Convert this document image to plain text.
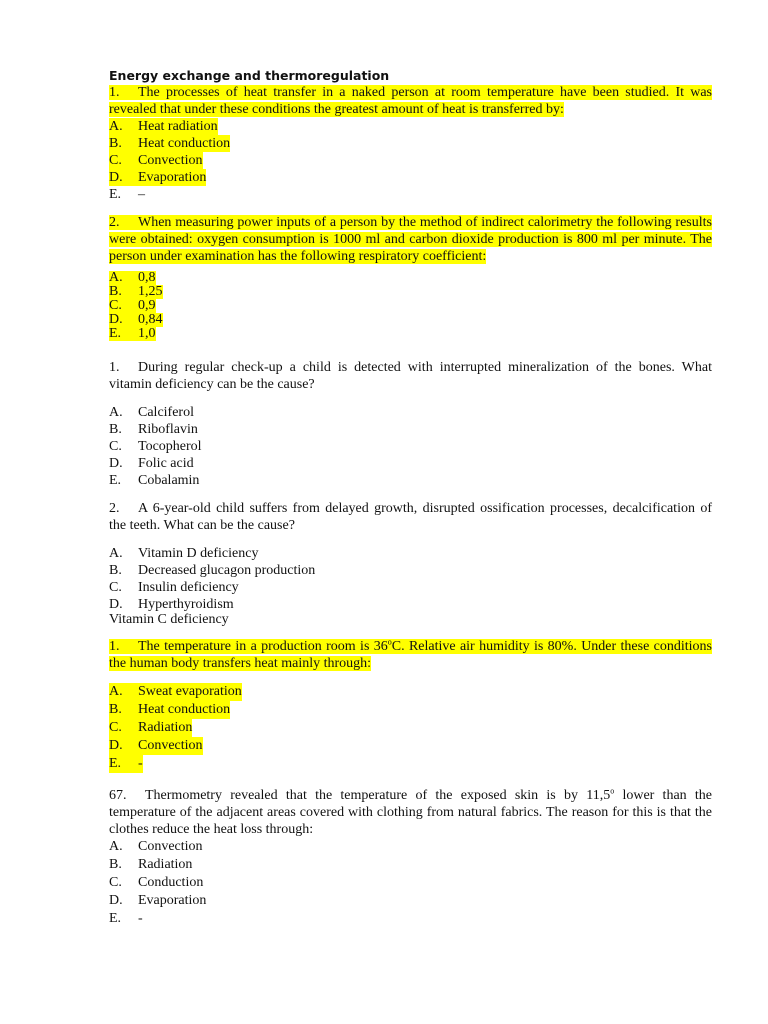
Energy exchange and thermoregulation

1. The processes of heat transfer in a naked person at room temperature have been studied. It was revealed that under these conditions the greatest amount of heat is transferred by:

A. Heat radiation
B. Heat conduction
C. Convection
D. Evaporation
E.	–

2. When measuring power inputs of a person by the method of indirect calorimetry the following results were obtained: oxygen consumption is 1000 ml and carbon dioxide production is 800 ml per minute. The person under examination has the following respiratory coefficient:

A. 0,8
B. 1,25
C. 0,9
D. 0,84
E. 1,0

1. During regular check-up a child is detected with interrupted mineralization of the bones. What vitamin deficiency can be the cause?

A.	Calciferol
B.	Riboflavin
C.	Tocopherol
D.	Folic acid
E.	Cobalamin

2. A 6-year-old child suffers from delayed growth, disrupted ossification processes, decalcification of the teeth. What can be the cause?

A.	Vitamin D deficiency
B.	Decreased glucagon production
C.	Insulin deficiency
D.	Hyperthyroidism
Vitamin C deficiency

1. The temperature in a production room is 36$^o$C. Relative air humidity is 80%. Under these conditions the human body transfers heat mainly through:

A. Sweat evaporation
B. Heat conduction
C. Radiation
D. Convection
E. -

67. Thermometry revealed that the temperature of the exposed skin is by 11,5$^o$ lower than the temperature of the adjacent areas covered with clothing from natural fabrics. The reason for this is that the clothes reduce the heat loss through:

A.	Convection
B.	Radiation
C.	Conduction
D.	Evaporation
E.	-
